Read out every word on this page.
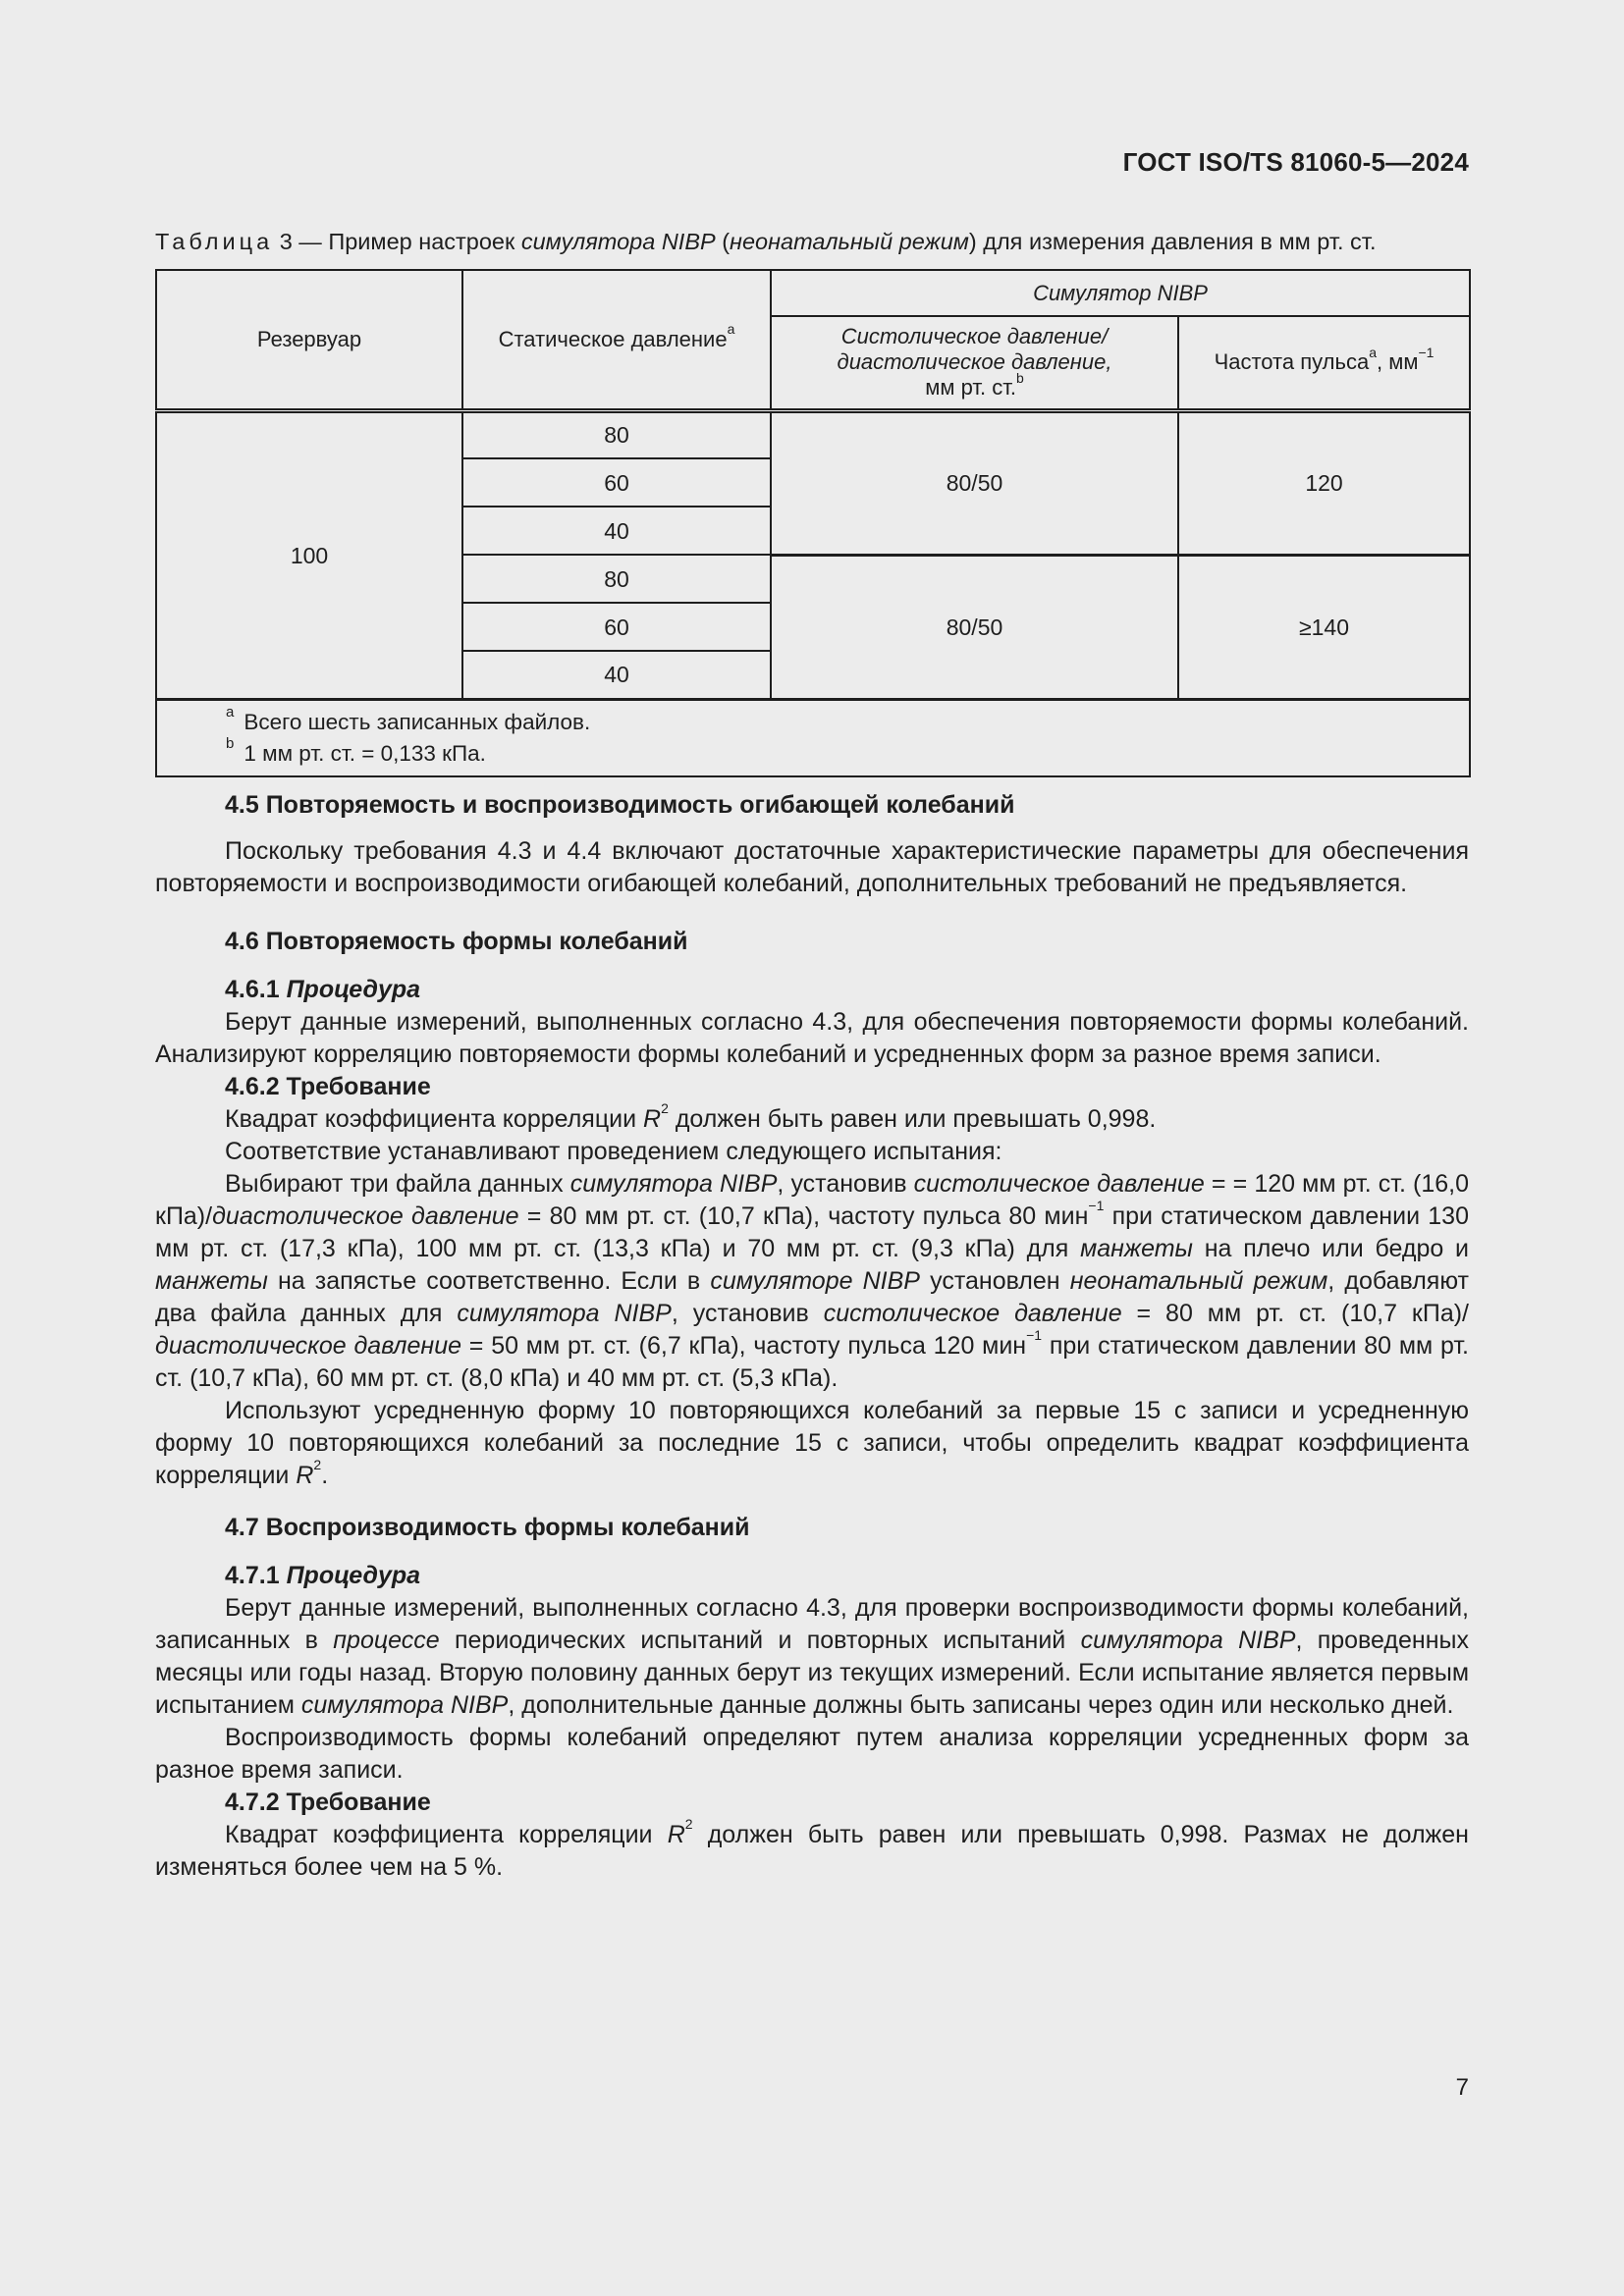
ГОСТ ISO/TS 81060-5—2024
Таблица 3 — Пример настроек симулятора NIBP (неонатальный режим) для измерения давления в мм рт. ст.
Резервуар	Статическое давление$^a$	Симулятор NIBP	
		Систолическое давление/
диастолическое давление,
мм рт. ст.$^b$	Частота пульса$^a$, $мм^{-1}$
100	80	80/50	120
	60		
	40		
	80	80/50	≥140
	60		
	40		

$^a$ Всего шесть записанных файлов.
$^b$ 1 мм рт. ст. = 0,133 кПа.			
4.5 Повторяемость и воспроизводимость огибающей колебаний

Поскольку требования 4.3 и 4.4 включают достаточные характеристические параметры для обеспечения повторяемости и воспроизводимости огибающей колебаний, дополнительных требований не предъявляется.

4.6 Повторяемость формы колебаний
4.6.1 Процедура

Берут данные измерений, выполненных согласно 4.3, для обеспечения повторяемости формы колебаний. Анализируют корреляцию повторяемости формы колебаний и усредненных форм за разное время записи.

4.6.2 Требование

Квадрат коэффициента корреляции $R^2$ должен быть равен или превышать 0,998.

Соответствие устанавливают проведением следующего испытания:

Выбирают три файла данных симулятора NIBP, установив систолическое давление = = 120 мм рт. ст. (16,0 кПа)/диастолическое давление = 80 мм рт. ст. (10,7 кПа), частоту пульса 80 мин$^{-1}$ при статическом давлении 130 мм рт. ст. (17,3 кПа), 100 мм рт. ст. (13,3 кПа) и 70 мм рт. ст. (9,3 кПа) для манжеты на плечо или бедро и манжеты на запястье соответственно. Если в симуляторе NIBP установлен неонатальный режим, добавляют два файла данных для симулятора NIBP, установив систолическое давление = 80 мм рт. ст. (10,7 кПа)/диастолическое давление = 50 мм рт. ст. (6,7 кПа), частоту пульса 120 мин$^{-1}$ при статическом давлении 80 мм рт. ст. (10,7 кПа), 60 мм рт. ст. (8,0 кПа) и 40 мм рт. ст. (5,3 кПа).

Используют усредненную форму 10 повторяющихся колебаний за первые 15 с записи и усредненную форму 10 повторяющихся колебаний за последние 15 с записи, чтобы определить квадрат коэффициента корреляции $R^2$.

4.7 Воспроизводимость формы колебаний
4.7.1 Процедура

Берут данные измерений, выполненных согласно 4.3, для проверки воспроизводимости формы колебаний, записанных в процессе периодических испытаний и повторных испытаний симулятора NIBP, проведенных месяцы или годы назад. Вторую половину данных берут из текущих измерений. Если испытание является первым испытанием симулятора NIBP, дополнительные данные должны быть записаны через один или несколько дней.

Воспроизводимость формы колебаний определяют путем анализа корреляции усредненных форм за разное время записи.

4.7.2 Требование

Квадрат коэффициента корреляции $R^2$ должен быть равен или превышать 0,998. Размах не должен изменяться более чем на 5 %.

7
